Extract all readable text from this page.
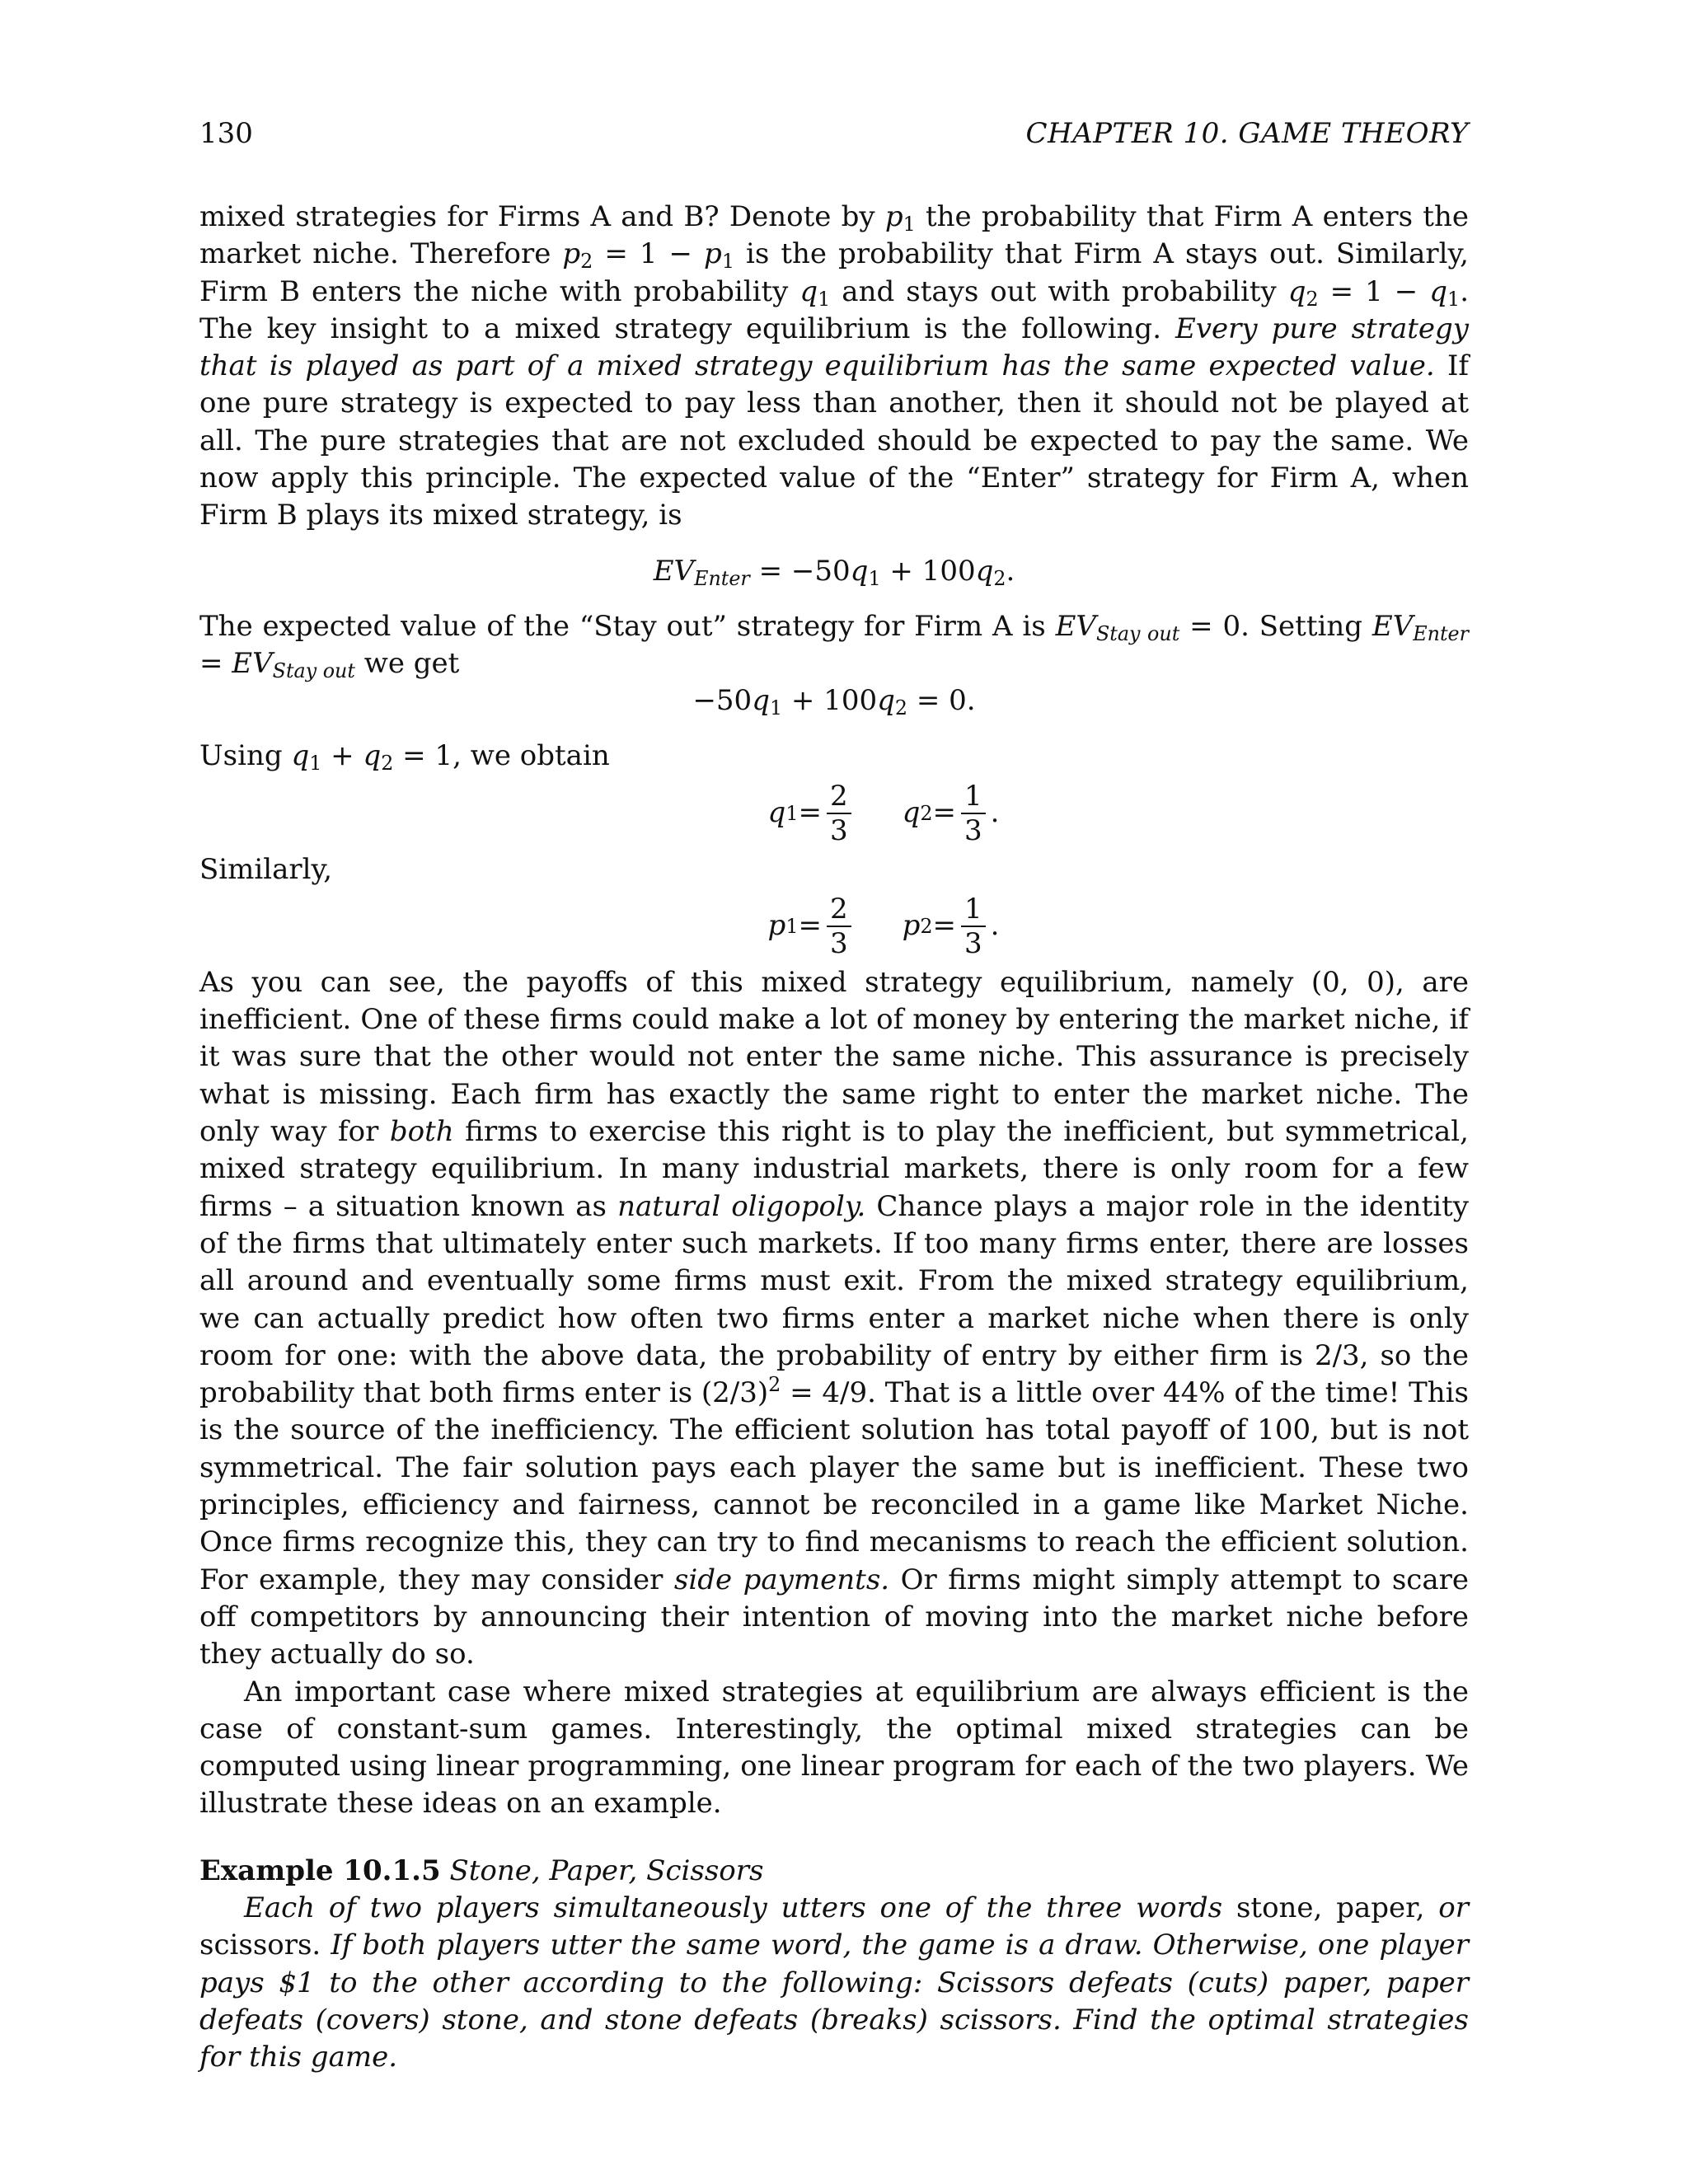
130	CHAPTER 10. GAME THEORY

mixed strategies for Firms A and B? Denote by $p_1$ the probability that Firm A enters the market niche. Therefore $p_2 = 1 - p_1$ is the probability that Firm A stays out. Similarly, Firm B enters the niche with probability $q_1$ and stays out with probability $q_2 = 1 - q_1$. The key insight to a mixed strategy equilibrium is the following. Every pure strategy that is played as part of a mixed strategy equilibrium has the same expected value. If one pure strategy is expected to pay less than another, then it should not be played at all. The pure strategies that are not excluded should be expected to pay the same. We now apply this principle. The expected value of the “Enter” strategy for Firm A, when Firm B plays its mixed strategy, is

$EV_{Enter} = -50q_1 + 100q_2$.

The expected value of the “Stay out” strategy for Firm A is $EV_{Stay out} = 0$. Setting $EV_{Enter} = EV_{Stay out}$ we get

$-50q_1 + 100q_2 = 0$.

Using $q_1 + q_2 = 1$, we obtain

q $1 = \frac{2}{3}$ q $2 = \frac{1}{3}$ .

Similarly,

p $1 = \frac{2}{3}$ p $2 = \frac{1}{3}$ .

As you can see, the payoffs of this mixed strategy equilibrium, namely (0, 0), are inefficient. One of these firms could make a lot of money by entering the market niche, if it was sure that the other would not enter the same niche. This assurance is precisely what is missing. Each firm has exactly the same right to enter the market niche. The only way for both firms to exercise this right is to play the inefficient, but symmetrical, mixed strategy equilibrium. In many industrial markets, there is only room for a few firms – a situation known as natural oligopoly. Chance plays a major role in the identity of the firms that ultimately enter such markets. If too many firms enter, there are losses all around and eventually some firms must exit. From the mixed strategy equilibrium, we can actually predict how often two firms enter a market niche when there is only room for one: with the above data, the probability of entry by either firm is 2/3, so the probability that both firms enter is $(2/3)^2 = 4/9$. That is a little over 44% of the time! This is the source of the inefficiency. The efficient solution has total payoff of 100, but is not symmetrical. The fair solution pays each player the same but is inefficient. These two principles, efficiency and fairness, cannot be reconciled in a game like Market Niche. Once firms recognize this, they can try to find mecanisms to reach the efficient solution. For example, they may consider side payments. Or firms might simply attempt to scare off competitors by announcing their intention of moving into the market niche before they actually do so.

An important case where mixed strategies at equilibrium are always efficient is the case of constant-sum games. Interestingly, the optimal mixed strategies can be computed using linear programming, one linear program for each of the two players. We illustrate these ideas on an example.

Example 10.1.5 Stone, Paper, Scissors

Each of two players simultaneously utters one of the three words stone, paper, or scissors. If both players utter the same word, the game is a draw. Otherwise, one player pays $1 to the other according to the following: Scissors defeats (cuts) paper, paper defeats (covers) stone, and stone defeats (breaks) scissors. Find the optimal strategies for this game.
